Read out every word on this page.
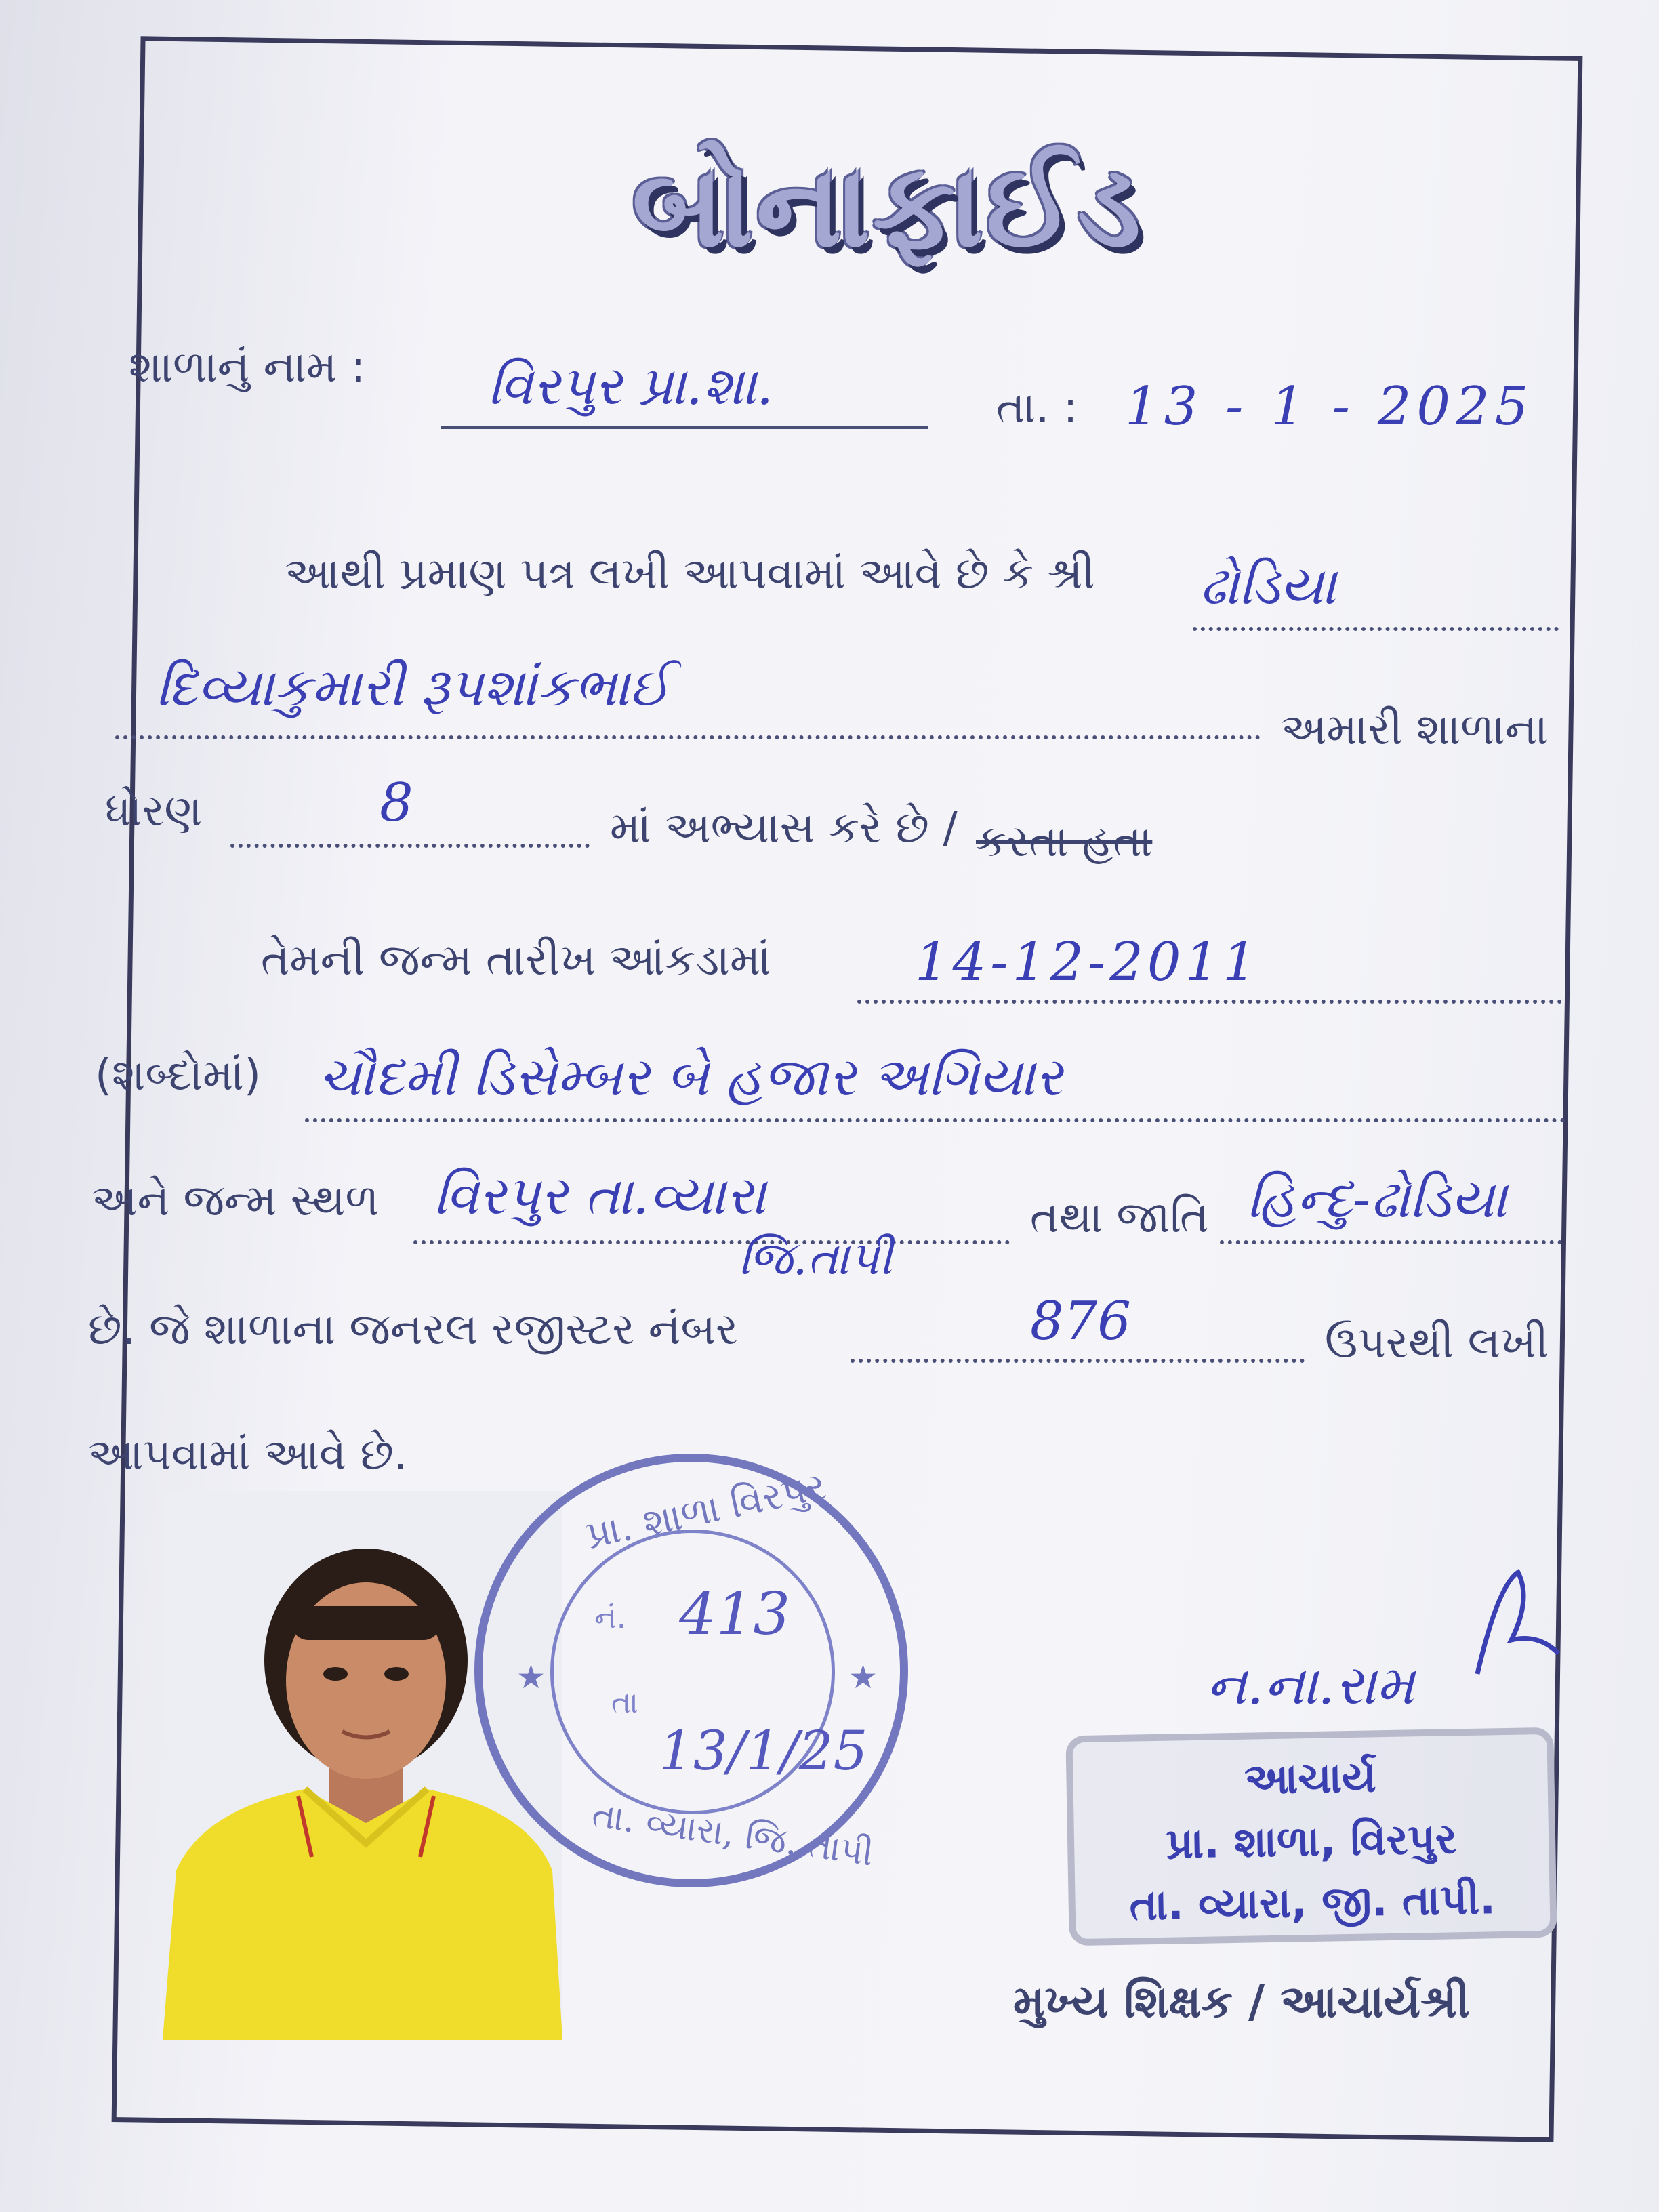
બોનાફાઈડ
શાળાનું નામ : વિરપુર પ્રા.શા.	તા. : 13 - 1 - 2025
આથી પ્રમાણ પત્ર લખી આપવામાં આવે છે કે શ્રી ઢોડિયા
દિવ્યાકુમારી રૂપશાંકભાઈ
અમારી શાળાના
ધોરણ	8	માં અભ્યાસ કરે છે / કરતા હતા
તેમની જન્મ તારીખ આંકડામાં	14-12-2011
(શબ્દોમાં) ચૌદમી ડિસેમ્બર બે હજાર અગિયાર
અને જન્મ સ્થળ વિરપુર તા.વ્યારા
જિ.તાપી
તથા જાતિ હિન્દુ-ઢોડિયા
છે. જે શાળાના જનરલ રજીસ્ટર નંબર	876	ઉપરથી લખી
આપવામાં આવે છે.
પ્રા. શાળા વિરપુર
તા. વ્યારા, જિ. તાપી
★	★
નં. 413
તા
13/1/25
ન.ના.રામ
આચાર્ય
પ્રા. શાળા, વિરપુર
તા. વ્યારા, જી. તાપી.
મુખ્ય શિક્ષક / આચાર્યશ્રી
